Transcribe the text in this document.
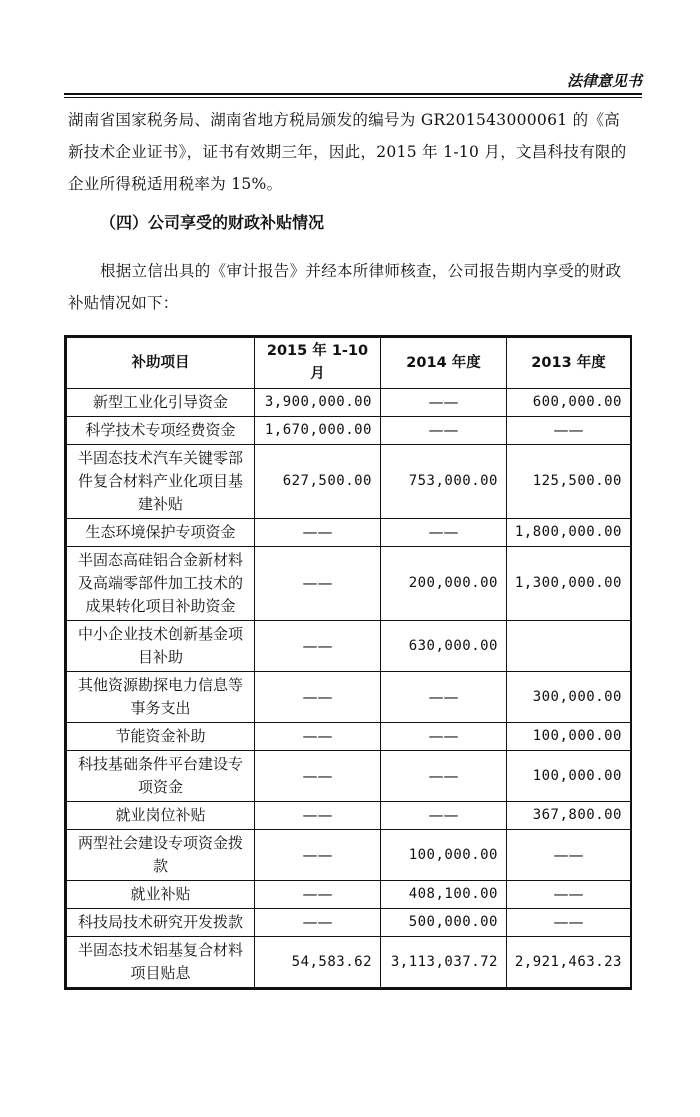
法律意见书
湖南省国家税务局、湖南省地方税局颁发的编号为 GR201543000061 的《高新技术企业证书》，证书有效期三年，因此，2015 年 1-10 月，文昌科技有限的企业所得税适用税率为 15%。
（四）公司享受的财政补贴情况
根据立信出具的《审计报告》并经本所律师核查，公司报告期内享受的财政补贴情况如下：
补助项目	2015 年 1-10 月	2014 年度	2013 年度
新型工业化引导资金	3,900,000.00	——	600,000.00
科学技术专项经费资金	1,670,000.00	——	——
半固态技术汽车关键零部件复合材料产业化项目基建补贴	627,500.00	753,000.00	125,500.00
生态环境保护专项资金	——	——	1,800,000.00
半固态高硅铝合金新材料及高端零部件加工技术的成果转化项目补助资金	——	200,000.00	1,300,000.00
中小企业技术创新基金项目补助	——	630,000.00	
其他资源勘探电力信息等事务支出	——	——	300,000.00
节能资金补助	——	——	100,000.00
科技基础条件平台建设专项资金	——	——	100,000.00
就业岗位补贴	——	——	367,800.00
两型社会建设专项资金拨款	——	100,000.00	——
就业补贴	——	408,100.00	——
科技局技术研究开发拨款	——	500,000.00	——
半固态技术铝基复合材料项目贴息	54,583.62	3,113,037.72	2,921,463.23
